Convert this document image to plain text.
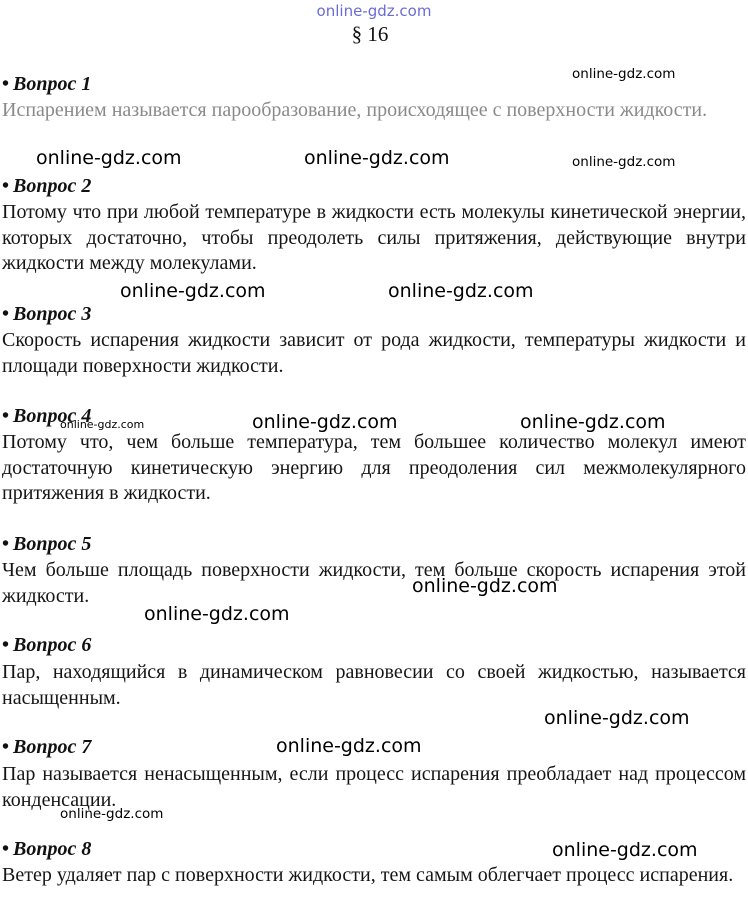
online-gdz.com
§ 16
• Вопрос 1

Испарением называется парообразование, происходящее с поверхности жидкости.

• Вопрос 2

Потому что при любой температуре в жидкости есть молекулы кинетической энергии, которых достаточно, чтобы преодолеть силы притяжения, действующие внутри жидкости между молекулами.

• Вопрос 3

Скорость испарения жидкости зависит от рода жидкости, температуры жидкости и площади поверхности жидкости.

• Вопрос 4

Потому что, чем больше температура, тем большее количество молекул имеют достаточную кинетическую энергию для преодоления сил межмолекулярного притяжения в жидкости.

• Вопрос 5

Чем больше площадь поверхности жидкости, тем больше скорость испарения этой жидкости.

• Вопрос 6

Пар, находящийся в динамическом равновесии со своей жидкостью, называется насыщенным.

• Вопрос 7

Пар называется ненасыщенным, если процесс испарения преобладает над процессом конденсации.

• Вопрос 8

Ветер удаляет пар с поверхности жидкости, тем самым облегчает процесс испарения.

online-gdz.com
online-gdz.com	online-gdz.com	online-gdz.com
online-gdz.com	online-gdz.com
online-gdz.com	online-gdz.com
online-gdz.com
online-gdz.com
online-gdz.com
online-gdz.com
online-gdz.com
online-gdz.com
online-gdz.com
